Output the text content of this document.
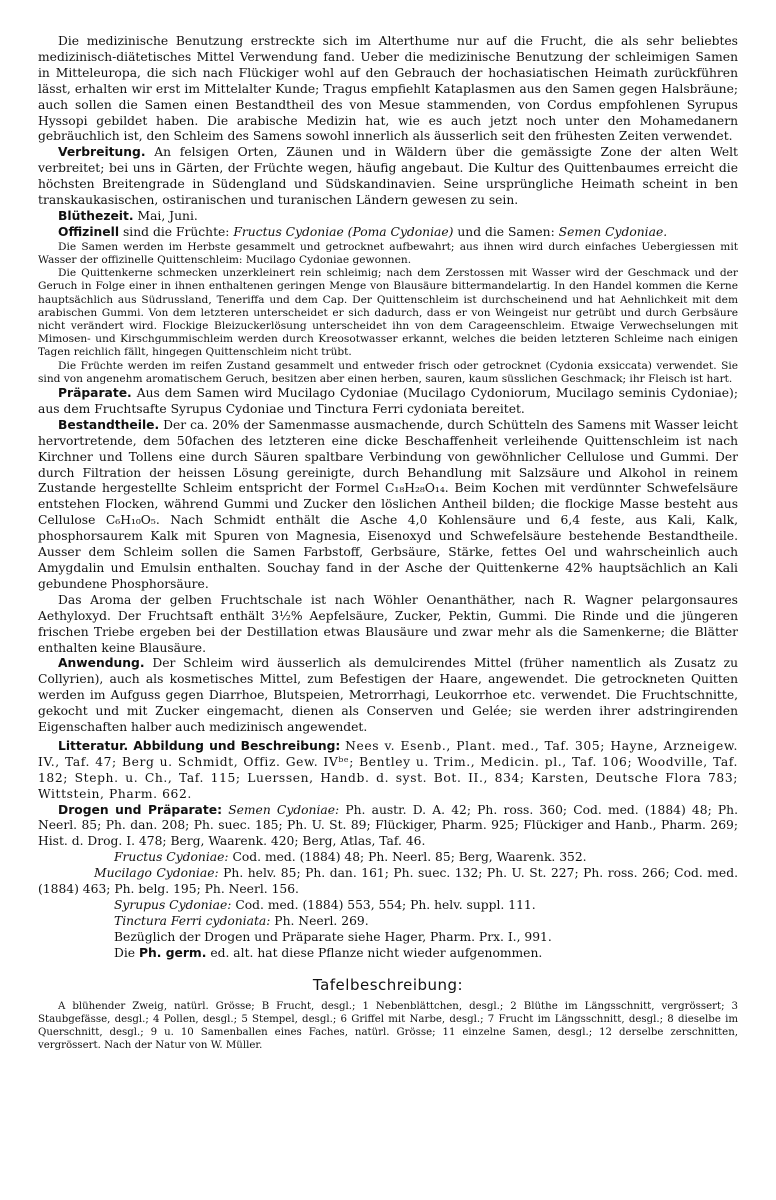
Die medizinische Benutzung erstreckte sich im Alterthume nur auf die Frucht, die als sehr beliebtes medizinisch-diätetisches Mittel Verwendung fand. Ueber die medizinische Benutzung der schleimigen Samen in Mitteleuropa, die sich nach Flückiger wohl auf den Gebrauch der hochasiatischen Heimath zurückführen lässt, erhalten wir erst im Mittelalter Kunde; Tragus empfiehlt Kataplasmen aus den Samen gegen Halsbräune; auch sollen die Samen einen Bestandtheil des von Mesue stammenden, von Cordus empfohlenen Syrupus Hyssopi gebildet haben. Die arabische Medizin hat, wie es auch jetzt noch unter den Mohamedanern gebräuchlich ist, den Schleim des Samens sowohl innerlich als äusserlich seit den frühesten Zeiten verwendet.

Verbreitung. An felsigen Orten, Zäunen und in Wäldern über die gemässigte Zone der alten Welt verbreitet; bei uns in Gärten, der Früchte wegen, häufig angebaut. Die Kultur des Quittenbaumes erreicht die höchsten Breitengrade in Südengland und Südskandinavien. Seine ursprüngliche Heimath scheint in ben transkaukasischen, ostiranischen und turanischen Ländern gewesen zu sein.

Blüthezeit. Mai, Juni.

Offizinell sind die Früchte: Fructus Cydoniae (Poma Cydoniae) und die Samen: Semen Cydoniae.

Die Samen werden im Herbste gesammelt und getrocknet aufbewahrt; aus ihnen wird durch einfaches Uebergiessen mit Wasser der offizinelle Quittenschleim: Mucilago Cydoniae gewonnen.

Die Quittenkerne schmecken unzerkleinert rein schleimig; nach dem Zerstossen mit Wasser wird der Geschmack und der Geruch in Folge einer in ihnen enthaltenen geringen Menge von Blausäure bittermandelartig. In den Handel kommen die Kerne hauptsächlich aus Südrussland, Teneriffa und dem Cap. Der Quittenschleim ist durchscheinend und hat Aehnlichkeit mit dem arabischen Gummi. Von dem letzteren unterscheidet er sich dadurch, dass er von Weingeist nur getrübt und durch Gerbsäure nicht verändert wird. Flockige Bleizuckerlösung unterscheidet ihn von dem Carageenschleim. Etwaige Verwechselungen mit Mimosen- und Kirschgummischleim werden durch Kreosotwasser erkannt, welches die beiden letzteren Schleime nach einigen Tagen reichlich fällt, hingegen Quittenschleim nicht trübt.

Die Früchte werden im reifen Zustand gesammelt und entweder frisch oder getrocknet (Cydonia exsiccata) verwendet. Sie sind von angenehm aromatischem Geruch, besitzen aber einen herben, sauren, kaum süsslichen Geschmack; ihr Fleisch ist hart.

Präparate. Aus dem Samen wird Mucilago Cydoniae (Mucilago Cydoniorum, Mucilago seminis Cydoniae); aus dem Fruchtsafte Syrupus Cydoniae und Tinctura Ferri cydoniata bereitet.

Bestandtheile. Der ca. 20% der Samenmasse ausmachende, durch Schütteln des Samens mit Wasser leicht hervortretende, dem 50fachen des letzteren eine dicke Beschaffenheit verleihende Quittenschleim ist nach Kirchner und Tollens eine durch Säuren spaltbare Verbindung von gewöhnlicher Cellulose und Gummi. Der durch Filtration der heissen Lösung gereinigte, durch Behandlung mit Salzsäure und Alkohol in reinem Zustande hergestellte Schleim entspricht der Formel C₁₈H₂₈O₁₄. Beim Kochen mit verdünnter Schwefelsäure entstehen Flocken, während Gummi und Zucker den löslichen Antheil bilden; die flockige Masse besteht aus Cellulose C₆H₁₀O₅. Nach Schmidt enthält die Asche 4,0 Kohlensäure und 6,4 feste, aus Kali, Kalk, phosphorsaurem Kalk mit Spuren von Magnesia, Eisenoxyd und Schwefelsäure bestehende Bestandtheile. Ausser dem Schleim sollen die Samen Farbstoff, Gerbsäure, Stärke, fettes Oel und wahrscheinlich auch Amygdalin und Emulsin enthalten. Souchay fand in der Asche der Quittenkerne 42% hauptsächlich an Kali gebundene Phosphorsäure.

Das Aroma der gelben Fruchtschale ist nach Wöhler Oenanthäther, nach R. Wagner pelargonsaures Aethyloxyd. Der Fruchtsaft enthält 3½% Aepfelsäure, Zucker, Pektin, Gummi. Die Rinde und die jüngeren frischen Triebe ergeben bei der Destillation etwas Blausäure und zwar mehr als die Samenkerne; die Blätter enthalten keine Blausäure.

Anwendung. Der Schleim wird äusserlich als demulcirendes Mittel (früher namentlich als Zusatz zu Collyrien), auch als kosmetisches Mittel, zum Befestigen der Haare, angewendet. Die getrockneten Quitten werden im Aufguss gegen Diarrhoe, Blutspeien, Metrorrhagi, Leukorrhoe etc. verwendet. Die Fruchtschnitte, gekocht und mit Zucker eingemacht, dienen als Conserven und Gelée; sie werden ihrer adstringirenden Eigenschaften halber auch medizinisch angewendet.

Litteratur. Abbildung und Beschreibung: Nees v. Esenb., Plant. med., Taf. 305; Hayne, Arzneigew. IV., Taf. 47; Berg u. Schmidt, Offiz. Gew. IVᵇᵉ; Bentley u. Trim., Medicin. pl., Taf. 106; Woodville, Taf. 182; Steph. u. Ch., Taf. 115; Luerssen, Handb. d. syst. Bot. II., 834; Karsten, Deutsche Flora 783; Wittstein, Pharm. 662.

Drogen und Präparate: Semen Cydoniae: Ph. austr. D. A. 42; Ph. ross. 360; Cod. med. (1884) 48; Ph. Neerl. 85; Ph. dan. 208; Ph. suec. 185; Ph. U. St. 89; Flückiger, Pharm. 925; Flückiger and Hanb., Pharm. 269; Hist. d. Drog. I. 478; Berg, Waarenk. 420; Berg, Atlas, Taf. 46.

Fructus Cydoniae: Cod. med. (1884) 48; Ph. Neerl. 85; Berg, Waarenk. 352.

Mucilago Cydoniae: Ph. helv. 85; Ph. dan. 161; Ph. suec. 132; Ph. U. St. 227; Ph. ross. 266; Cod. med. (1884) 463; Ph. belg. 195; Ph. Neerl. 156.

Syrupus Cydoniae: Cod. med. (1884) 553, 554; Ph. helv. suppl. 111.

Tinctura Ferri cydoniata: Ph. Neerl. 269.

Bezüglich der Drogen und Präparate siehe Hager, Pharm. Prx. I., 991.

Die Ph. germ. ed. alt. hat diese Pflanze nicht wieder aufgenommen.

Tafelbeschreibung:

A blühender Zweig, natürl. Grösse; B Frucht, desgl.; 1 Nebenblättchen, desgl.; 2 Blüthe im Längsschnitt, vergrössert; 3 Staubgefässe, desgl.; 4 Pollen, desgl.; 5 Stempel, desgl.; 6 Griffel mit Narbe, desgl.; 7 Frucht im Längsschnitt, desgl.; 8 dieselbe im Querschnitt, desgl.; 9 u. 10 Samenballen eines Faches, natürl. Grösse; 11 einzelne Samen, desgl.; 12 derselbe zerschnitten, vergrössert. Nach der Natur von W. Müller.
